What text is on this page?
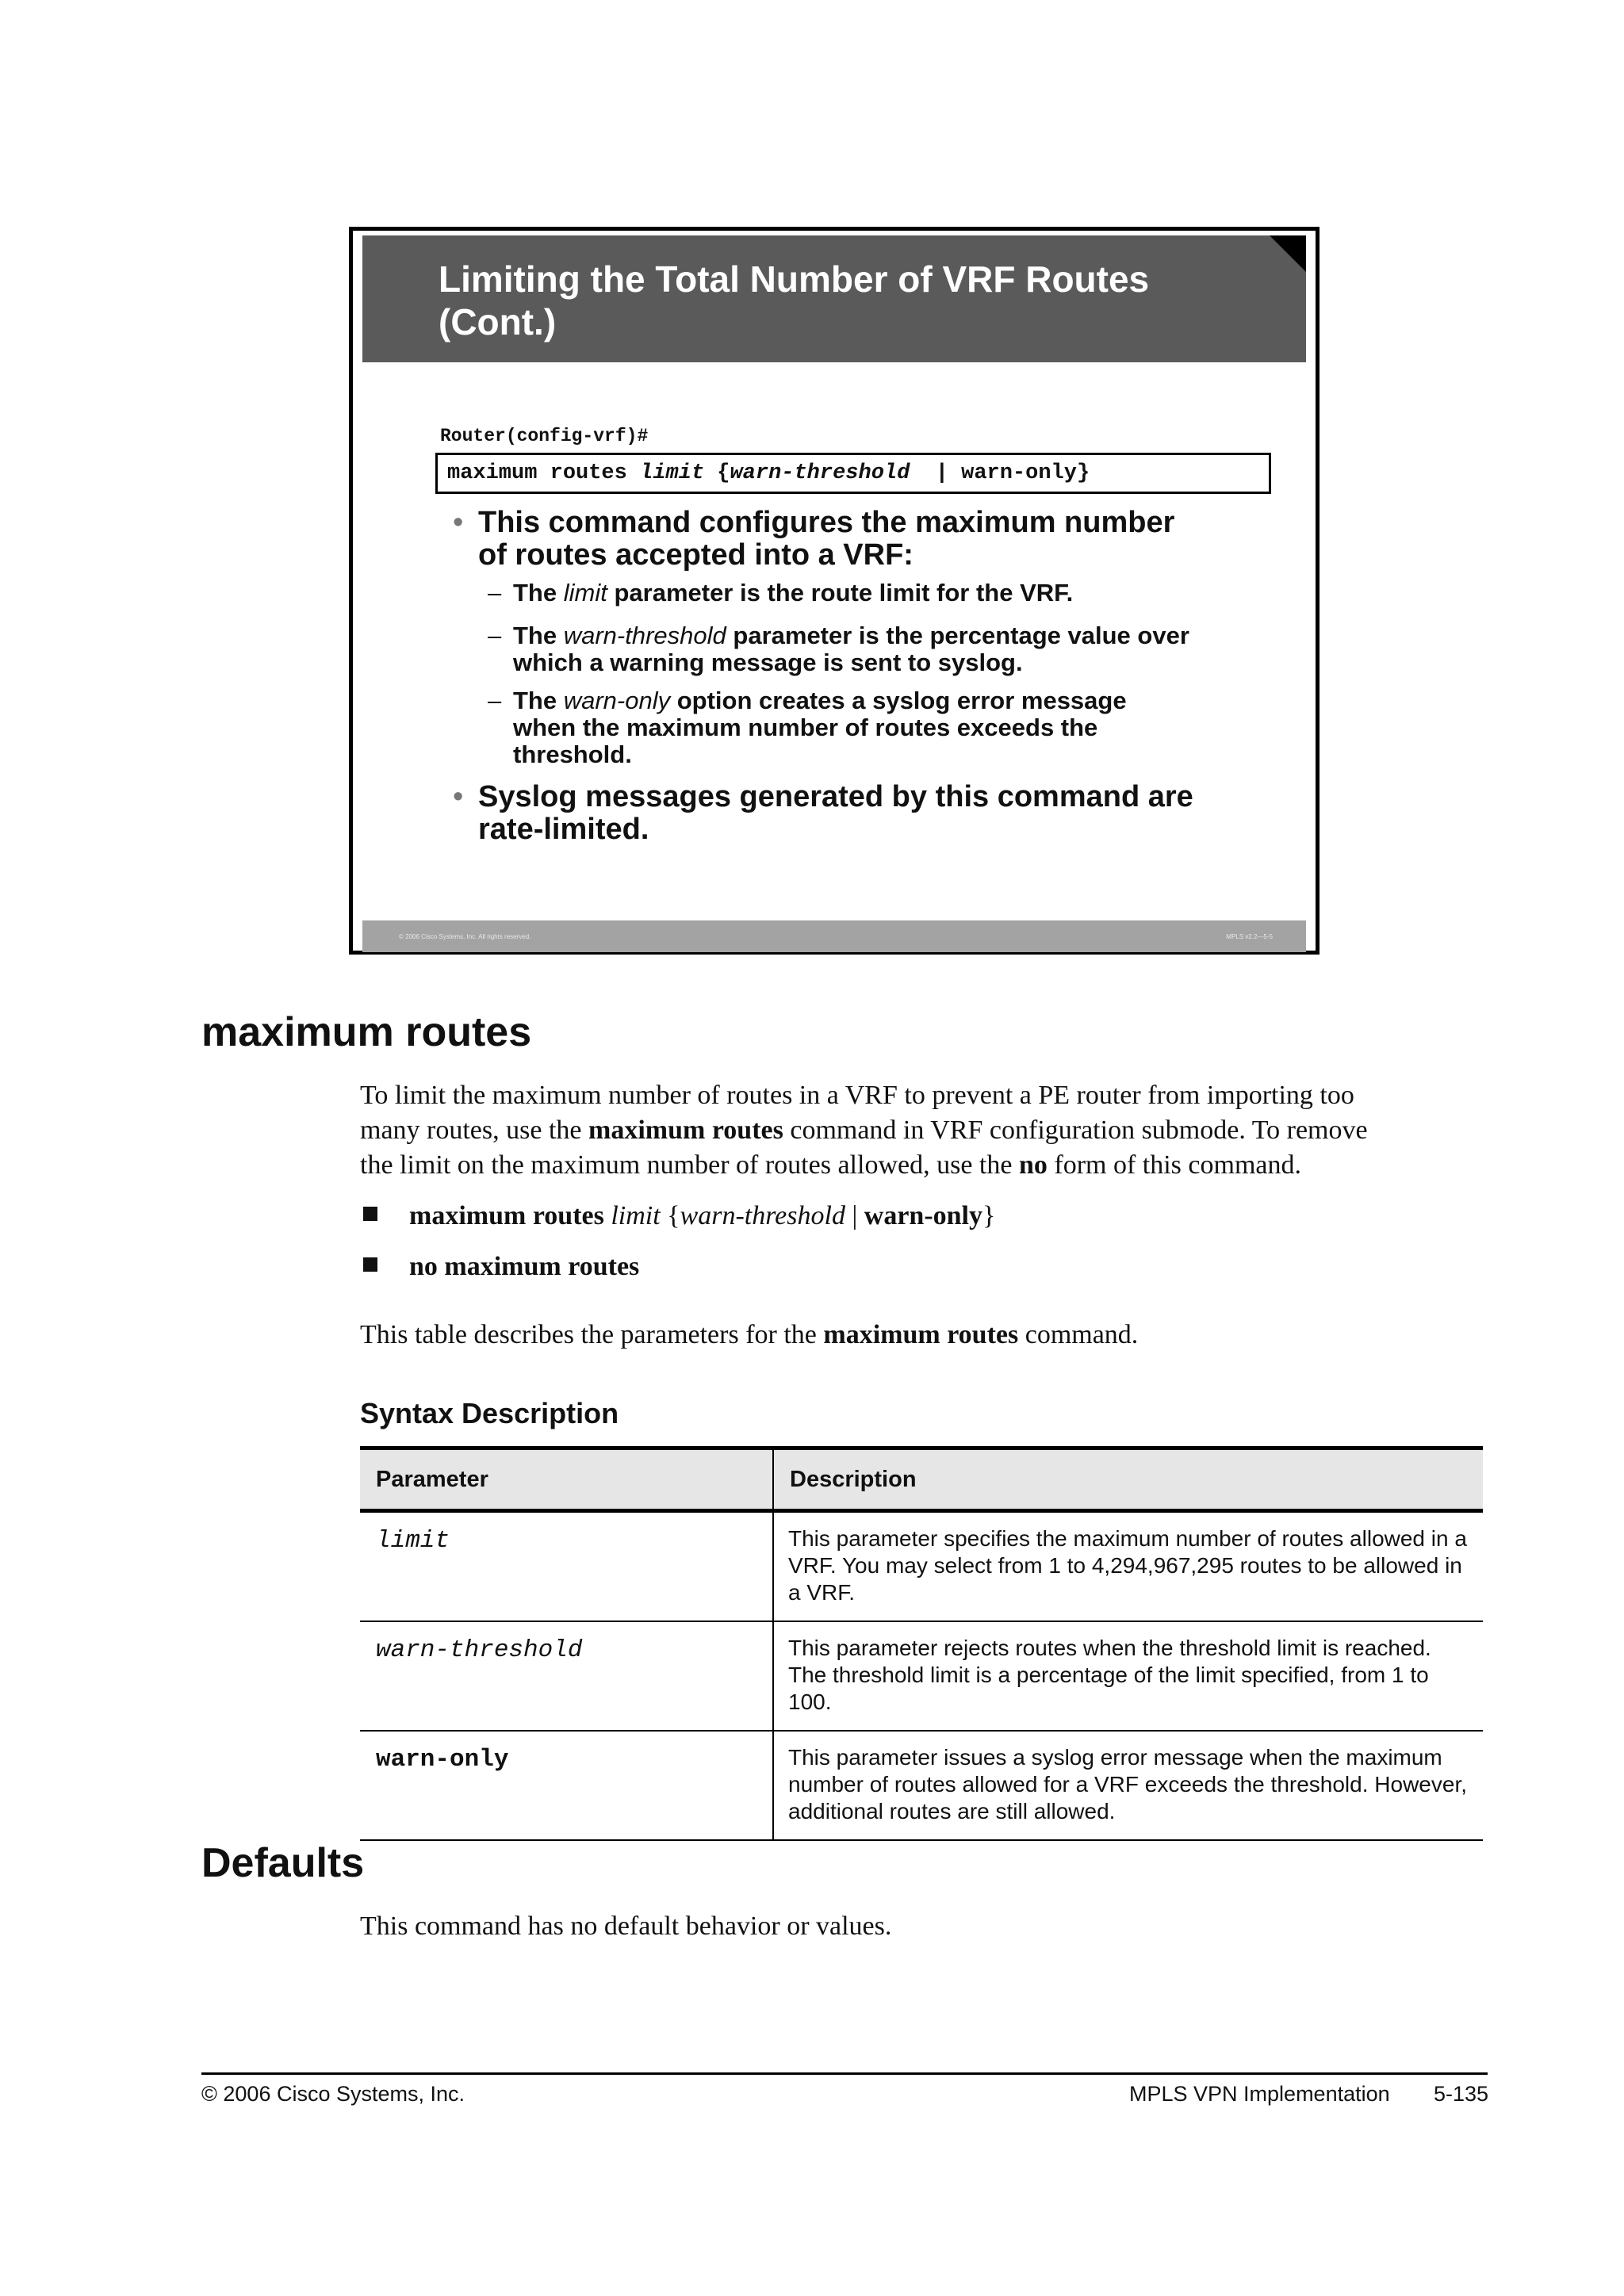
Limiting the Total Number of VRF Routes
(Cont.)
Router(config-vrf)#
maximum routes limit {warn-threshold  | warn-only}
• This command configures the maximum number
of routes accepted into a VRF:
– The limit parameter is the route limit for the VRF.
– The warn-threshold parameter is the percentage value over
which a warning message is sent to syslog.
– The warn-only option creates a syslog error message
when the maximum number of routes exceeds the
threshold.
• Syslog messages generated by this command are
rate-limited.
© 2006 Cisco Systems, Inc. All rights reserved.	MPLS v2.2—5-5
maximum routes
To limit the maximum number of routes in a VRF to prevent a PE router from importing too
many routes, use the maximum routes command in VRF configuration submode. To remove
the limit on the maximum number of routes allowed, use the no form of this command.
maximum routes limit {warn-threshold | warn-only}
no maximum routes
This table describes the parameters for the maximum routes command.
Syntax Description
Parameter	Description
limit	This parameter specifies the maximum number of routes allowed in a VRF. You may select from 1 to 4,294,967,295 routes to be allowed in a VRF.
warn-threshold	This parameter rejects routes when the threshold limit is reached. The threshold limit is a percentage of the limit specified, from 1 to 100.
warn-only	This parameter issues a syslog error message when the maximum number of routes allowed for a VRF exceeds the threshold. However, additional routes are still allowed.
Defaults
This command has no default behavior or values.
© 2006 Cisco Systems, Inc.	MPLS VPN Implementation 5-135
